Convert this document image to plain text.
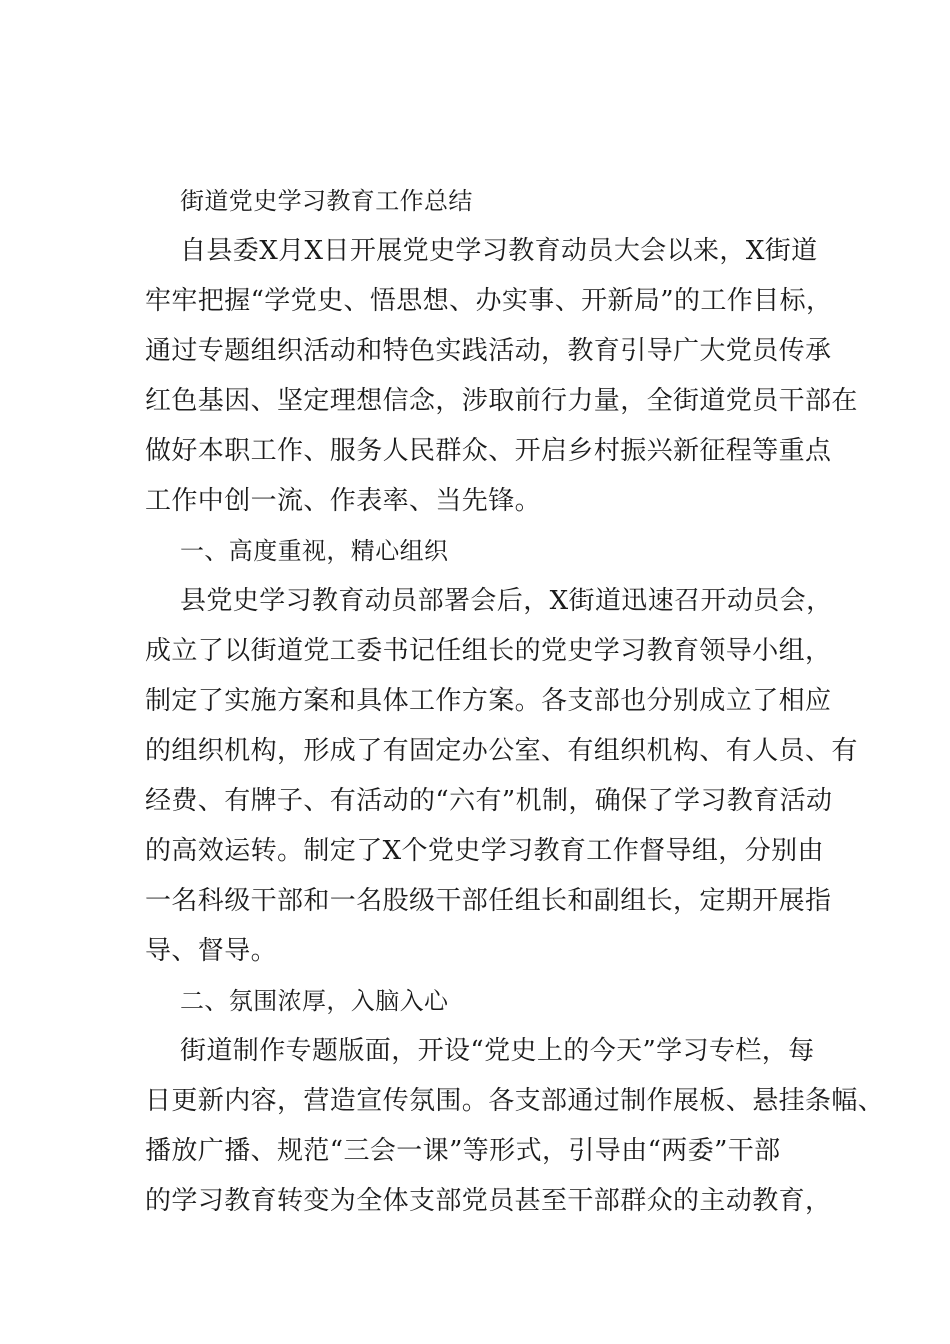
街道党史学习教育工作总结
自县委Ⅹ月Ⅹ日开展党史学习教育动员大会以来，Ⅹ街道
牢牢把握“学党史、悟思想、办实事、开新局”的工作目标，
通过专题组织活动和特色实践活动，教育引导广大党员传承
红色基因、坚定理想信念，涉取前行力量，全街道党员干部在
做好本职工作、服务人民群众、开启乡村振兴新征程等重点
工作中创一流、作表率、当先锋。
一、高度重视，精心组织
县党史学习教育动员部署会后，Ⅹ街道迅速召开动员会，
成立了以街道党工委书记任组长的党史学习教育领导小组，
制定了实施方案和具体工作方案。各支部也分别成立了相应
的组织机构，形成了有固定办公室、有组织机构、有人员、有
经费、有牌子、有活动的“六有”机制，确保了学习教育活动
的高效运转。制定了Ⅹ个党史学习教育工作督导组，分别由
一名科级干部和一名股级干部任组长和副组长，定期开展指
导、督导。
二、氛围浓厚，入脑入心
街道制作专题版面，开设“党史上的今天”学习专栏，每
日更新内容，营造宣传氛围。各支部通过制作展板、悬挂条幅、
播放广播、规范“三会一课”等形式，引导由“两委”干部
的学习教育转变为全体支部党员甚至干部群众的主动教育，
